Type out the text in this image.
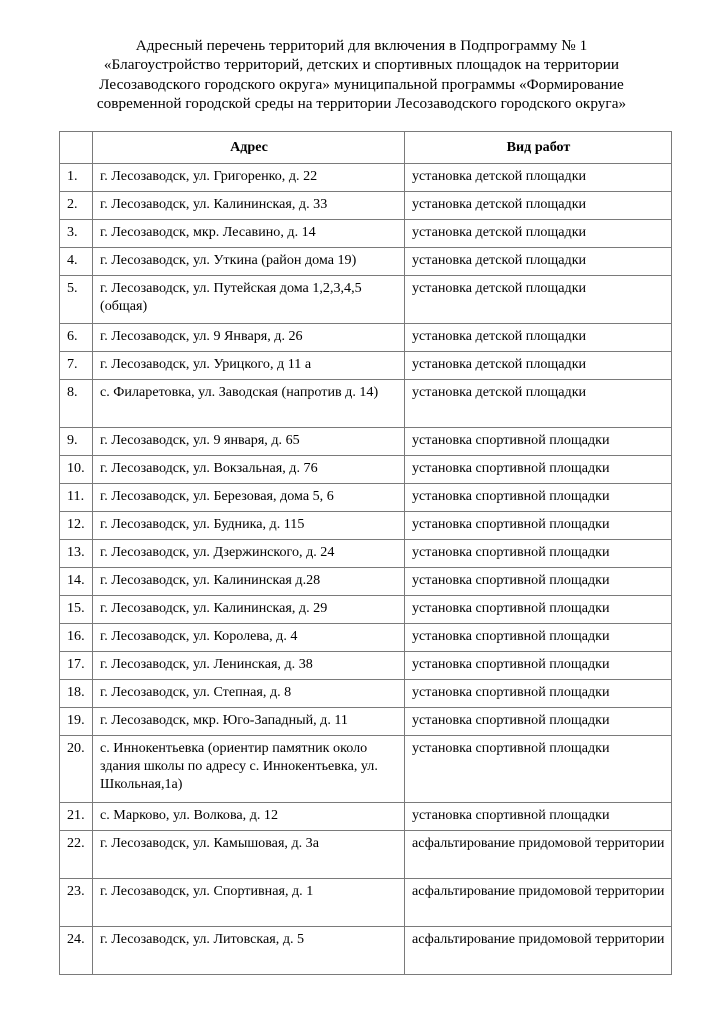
Адресный перечень территорий для включения в Подпрограмму № 1
«Благоустройство территорий, детских и спортивных площадок на территории
Лесозаводского городского округа» муниципальной программы «Формирование
современной городской среды на территории Лесозаводского городского округа»
	Адрес	Вид работ
1.	г. Лесозаводск, ул. Григоренко, д. 22	установка детской площадки
2.	г. Лесозаводск, ул. Калининская, д. 33	установка детской площадки
3.	г. Лесозаводск, мкр. Лесавино, д. 14	установка детской площадки
4.	г. Лесозаводск, ул. Уткина (район дома 19)	установка детской площадки
5.	г. Лесозаводск, ул. Путейская дома 1,2,3,4,5 (общая)	установка детской площадки
6.	г. Лесозаводск, ул. 9 Января, д. 26	установка детской площадки
7.	г. Лесозаводск, ул. Урицкого, д 11 а	установка детской площадки
8.	с. Филаретовка, ул. Заводская (напротив д. 14)	установка детской площадки
9.	г. Лесозаводск, ул. 9 января, д. 65	установка спортивной площадки
10.	г. Лесозаводск, ул. Вокзальная, д. 76	установка спортивной площадки
11.	г. Лесозаводск, ул. Березовая, дома 5, 6	установка спортивной площадки
12.	г. Лесозаводск, ул. Будника, д. 115	установка спортивной площадки
13.	г. Лесозаводск, ул. Дзержинского, д. 24	установка спортивной площадки
14.	г. Лесозаводск, ул. Калининская д.28	установка спортивной площадки
15.	г. Лесозаводск, ул. Калининская, д. 29	установка спортивной площадки
16.	г. Лесозаводск, ул. Королева, д. 4	установка спортивной площадки
17.	г. Лесозаводск, ул. Ленинская, д. 38	установка спортивной площадки
18.	г. Лесозаводск, ул. Степная, д. 8	установка спортивной площадки
19.	г. Лесозаводск, мкр. Юго-Западный, д. 11	установка спортивной площадки
20.	с. Иннокентьевка (ориентир памятник около здания школы по адресу с. Иннокентьевка, ул. Школьная,1а)	установка спортивной площадки
21.	с. Марково, ул. Волкова, д. 12	установка спортивной площадки
22.	г. Лесозаводск, ул. Камышовая, д. 3а	асфальтирование придомовой территории
23.	г. Лесозаводск, ул. Спортивная, д. 1	асфальтирование придомовой территории
24.	г. Лесозаводск, ул. Литовская, д. 5	асфальтирование придомовой территории
